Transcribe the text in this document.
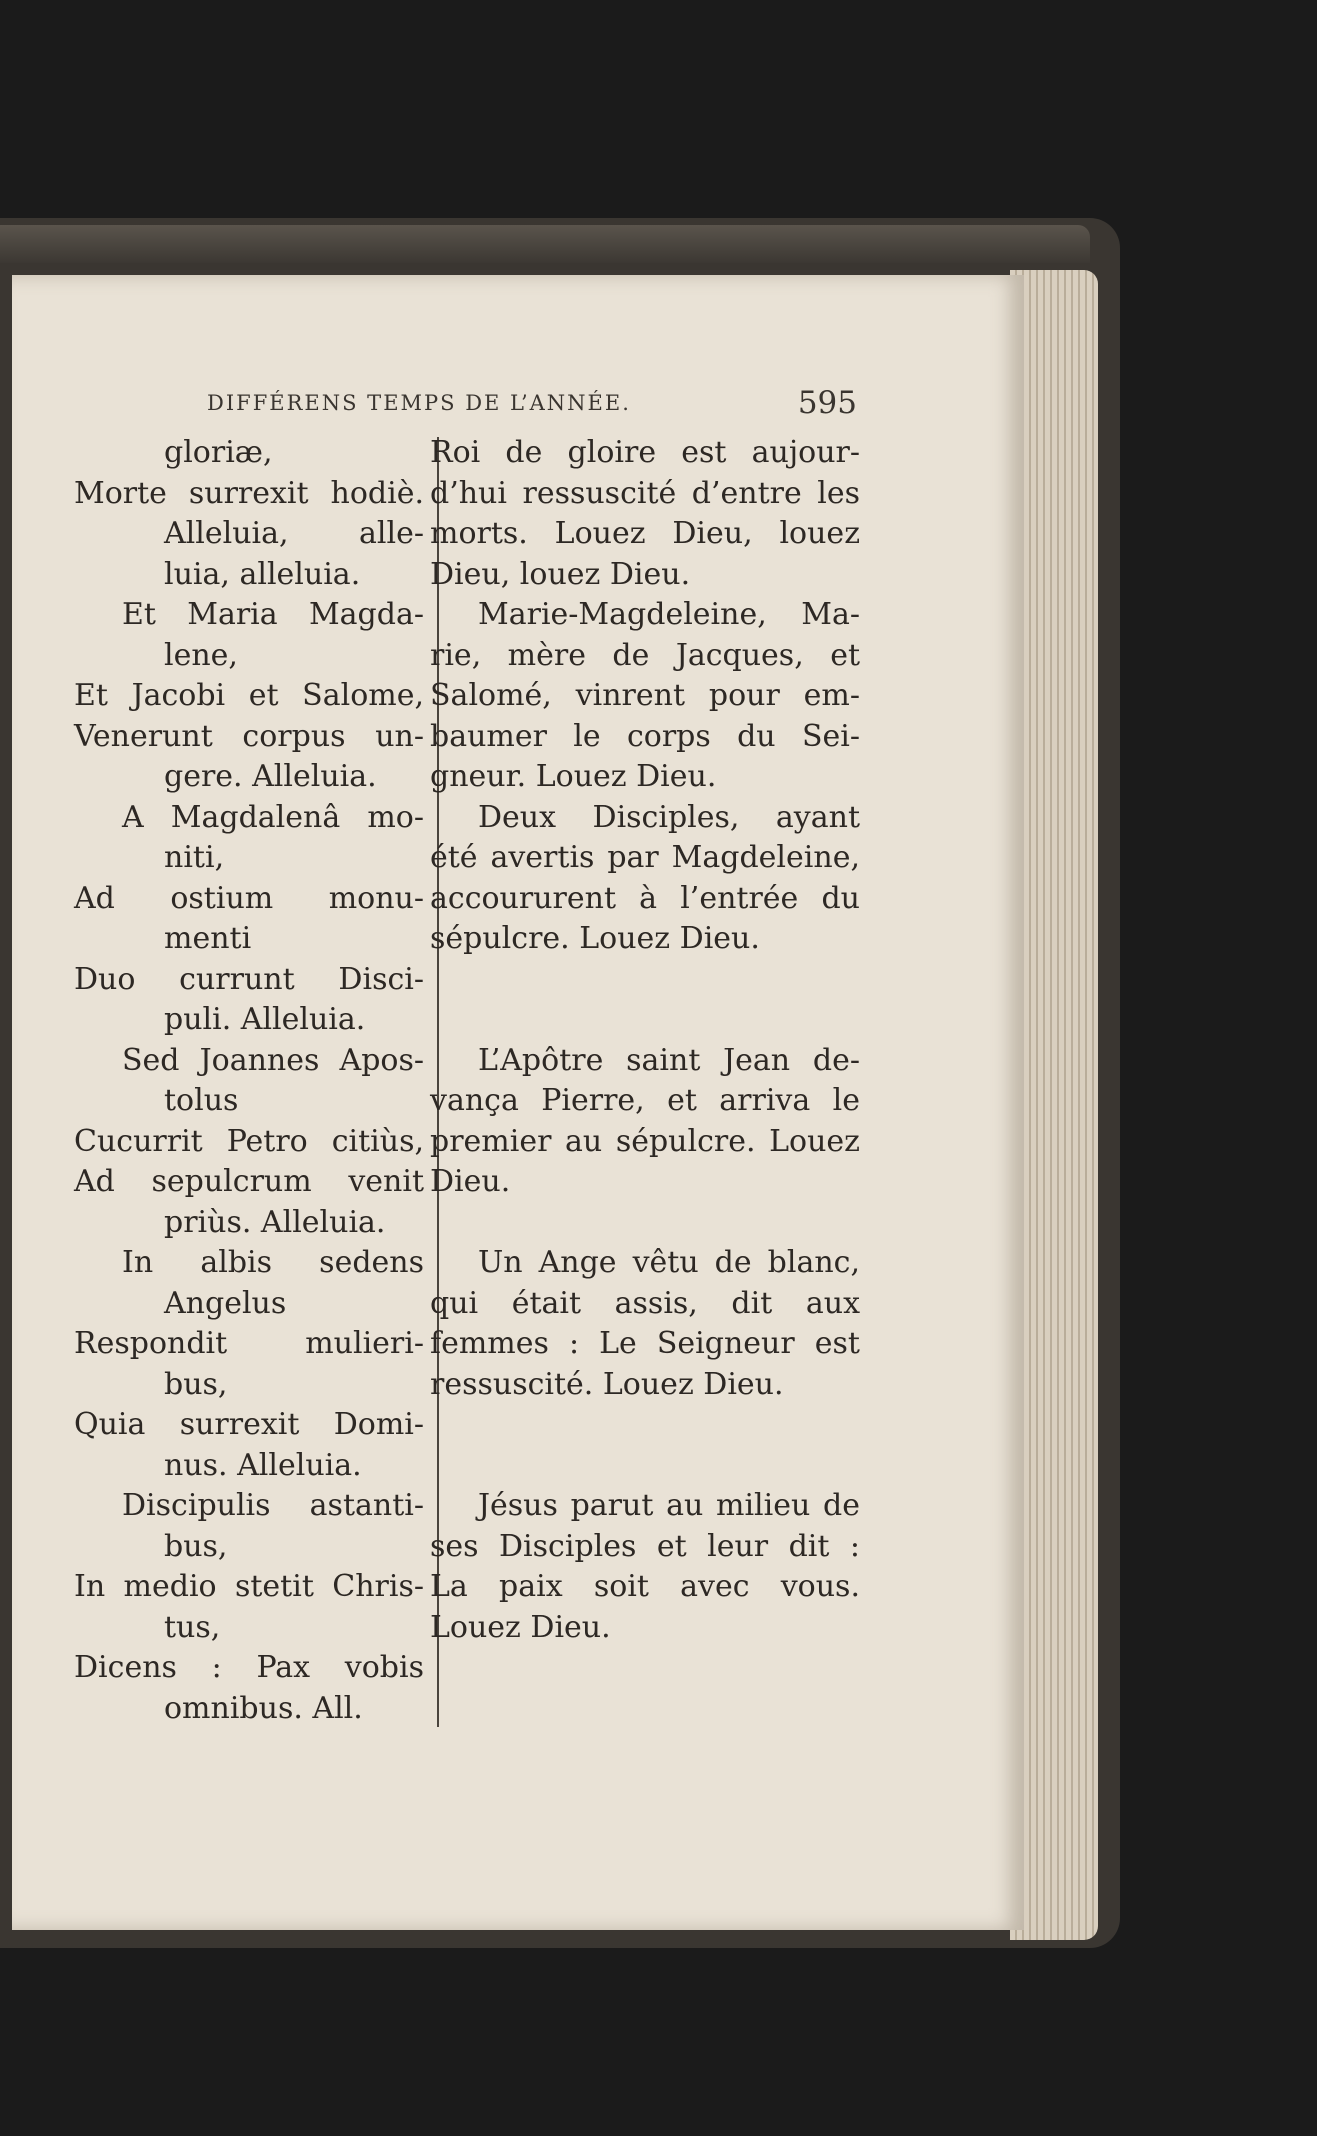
DIFFÉRENS TEMPS DE L’ANNÉE.	595
gloriæ,
Morte surrexit hodiè.
Alleluia, alle-
luia, alleluia.
Et Maria Magda-
lene,
Et Jacobi et Salome,
Venerunt corpus un-
gere. Alleluia.
A Magdalenâ mo-
niti,
Ad ostium monu-
menti
Duo currunt Disci-
puli. Alleluia.
Sed Joannes Apos-
tolus
Cucurrit Petro citiùs,
Ad sepulcrum venit
priùs. Alleluia.
In albis sedens
Angelus
Respondit mulieri-
bus,
Quia surrexit Domi-
nus. Alleluia.
Discipulis astanti-
bus,
In medio stetit Chris-
tus,
Dicens : Pax vobis
omnibus. All.
Roi de gloire est aujour-
d’hui ressuscité d’entre les
morts. Louez Dieu, louez
Dieu, louez Dieu.
Marie-Magdeleine, Ma-
rie, mère de Jacques, et
Salomé, vinrent pour em-
baumer le corps du Sei-
gneur. Louez Dieu.
Deux Disciples, ayant
été avertis par Magdeleine,
accoururent à l’entrée du
sépulcre. Louez Dieu.
L’Apôtre saint Jean de-
vança Pierre, et arriva le
premier au sépulcre. Louez
Dieu.
Un Ange vêtu de blanc,
qui était assis, dit aux
femmes : Le Seigneur est
ressuscité. Louez Dieu.
Jésus parut au milieu de
ses Disciples et leur dit :
La paix soit avec vous.
Louez Dieu.
